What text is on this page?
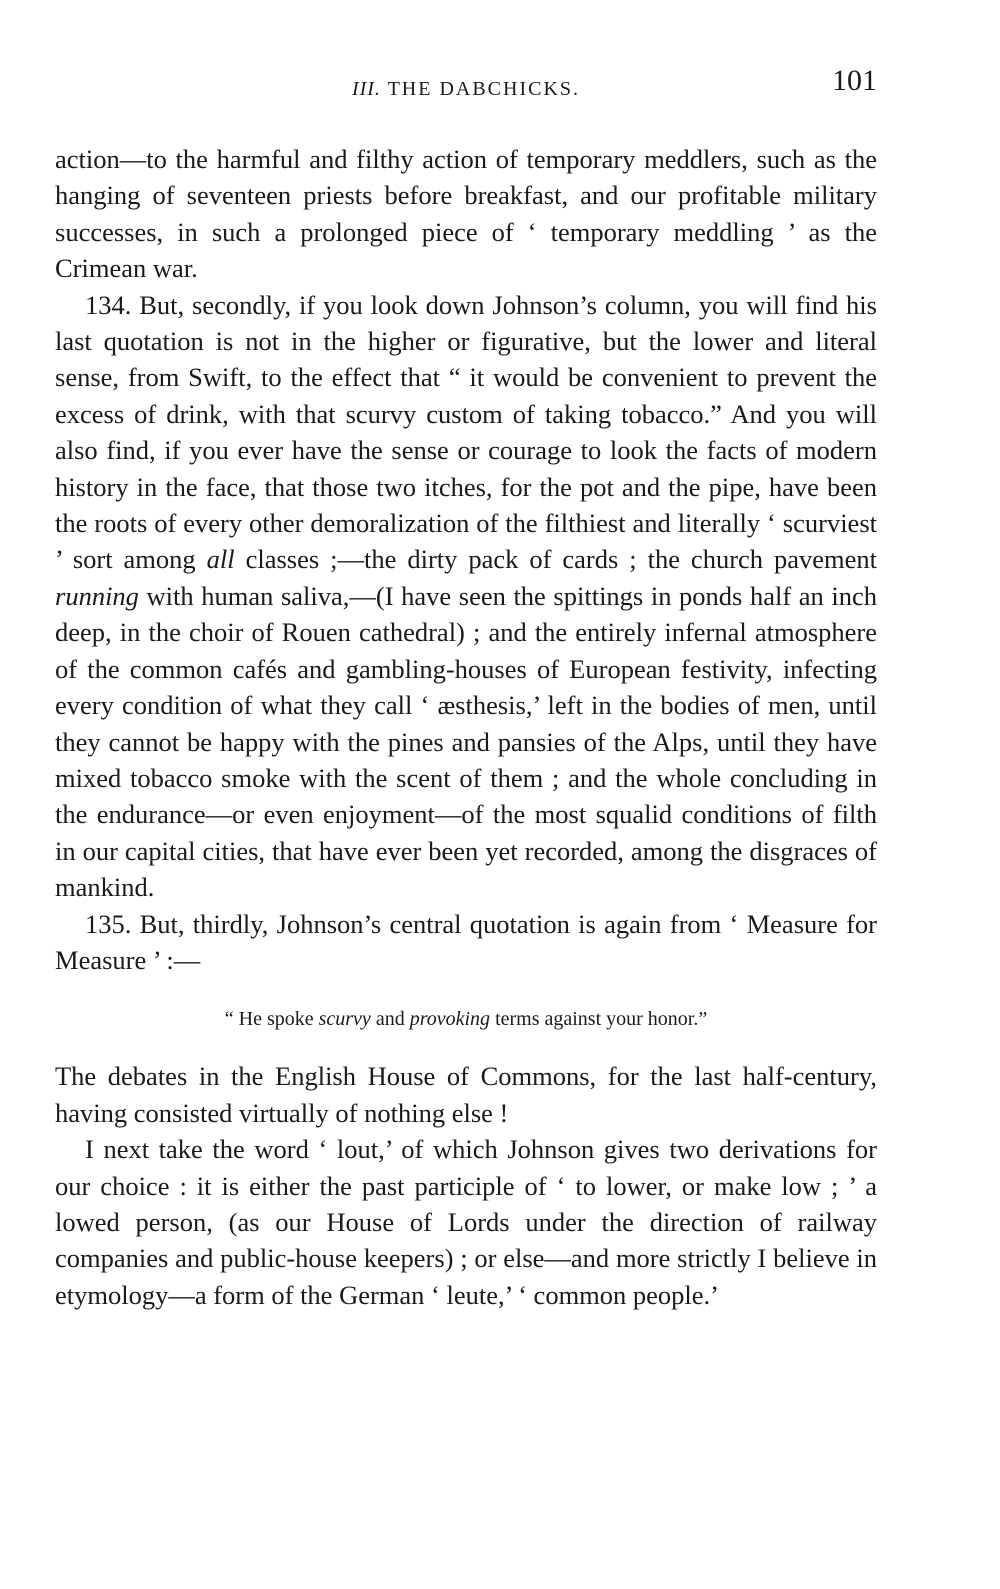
III. THE DABCHICKS.	101

action—to the harmful and filthy action of temporary meddlers, such as the hanging of seventeen priests before breakfast, and our profitable military successes, in such a prolonged piece of ‘ temporary meddling ’ as the Crimean war.

134. But, secondly, if you look down Johnson’s column, you will find his last quotation is not in the higher or figurative, but the lower and literal sense, from Swift, to the effect that “ it would be convenient to prevent the excess of drink, with that scurvy custom of taking tobacco.” And you will also find, if you ever have the sense or courage to look the facts of modern history in the face, that those two itches, for the pot and the pipe, have been the roots of every other demoralization of the filthiest and literally ‘ scurviest ’ sort among all classes ;—the dirty pack of cards ; the church pavement running with human saliva,—(I have seen the spittings in ponds half an inch deep, in the choir of Rouen cathedral) ; and the entirely infernal atmosphere of the common cafés and gambling-houses of European festivity, infecting every condition of what they call ‘ æsthesis,’ left in the bodies of men, until they cannot be happy with the pines and pansies of the Alps, until they have mixed tobacco smoke with the scent of them ; and the whole concluding in the endurance—or even enjoyment—of the most squalid conditions of filth in our capital cities, that have ever been yet recorded, among the disgraces of mankind.

135. But, thirdly, Johnson’s central quotation is again from ‘ Measure for Measure ’ :—

“ He spoke scurvy and provoking terms against your honor.”

The debates in the English House of Commons, for the last half-century, having consisted virtually of nothing else !

I next take the word ‘ lout,’ of which Johnson gives two derivations for our choice : it is either the past participle of ‘ to lower, or make low ; ’ a lowed person, (as our House of Lords under the direction of railway companies and public-house keepers) ; or else—and more strictly I believe in etymology—a form of the German ‘ leute,’ ‘ common people.’
